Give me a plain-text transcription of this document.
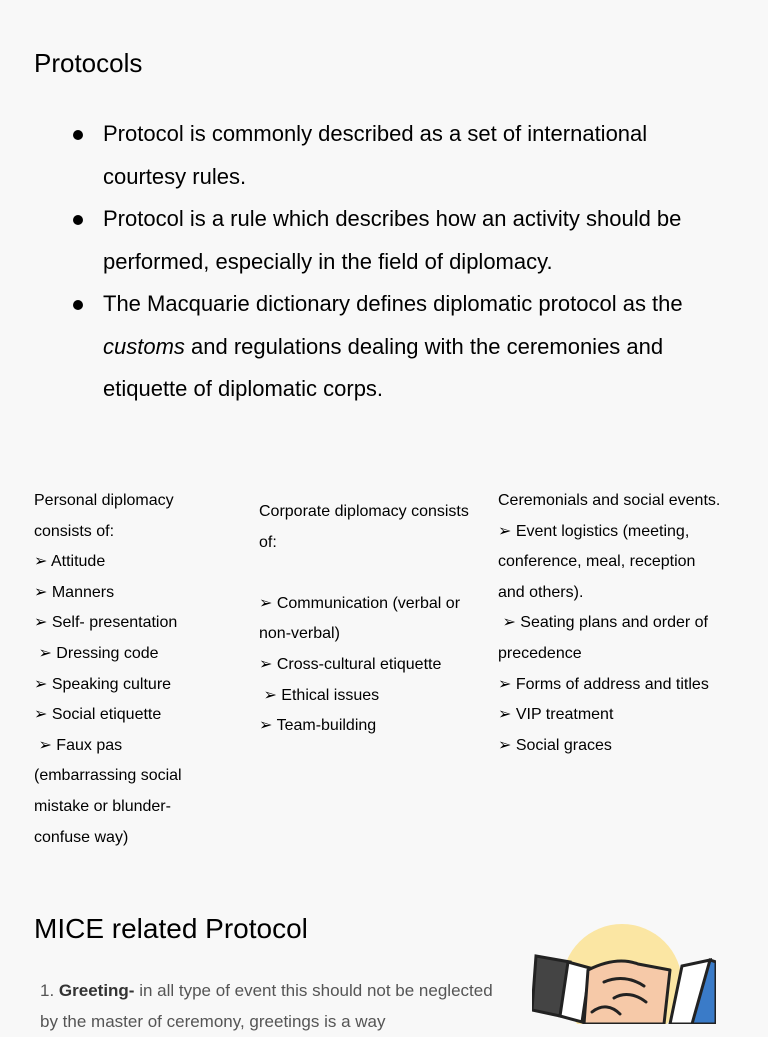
Protocols
Protocol is commonly described as a set of international courtesy rules.
Protocol is a rule which describes how an activity should be performed, especially in the field of diplomacy.
The Macquarie dictionary defines diplomatic protocol as the customs and regulations dealing with the ceremonies and etiquette of diplomatic corps.
Personal diplomacy consists of:
➢ Attitude
➢ Manners
➢ Self- presentation
➢ Dressing code
➢ Speaking culture
➢ Social etiquette
➢ Faux pas (embarrassing social mistake or blunder- confuse way)
Corporate diplomacy consists of:

➢ Communication (verbal or non-verbal)
➢ Cross-cultural etiquette
➢ Ethical issues
➢ Team-building
Ceremonials and social events.
➢ Event logistics (meeting, conference, meal, reception and others).
➢ Seating plans and order of precedence
➢ Forms of address and titles
➢ VIP treatment
➢ Social graces
MICE related Protocol

1. Greeting- in all type of event this should not be neglected by the master of ceremony, greetings is a way
